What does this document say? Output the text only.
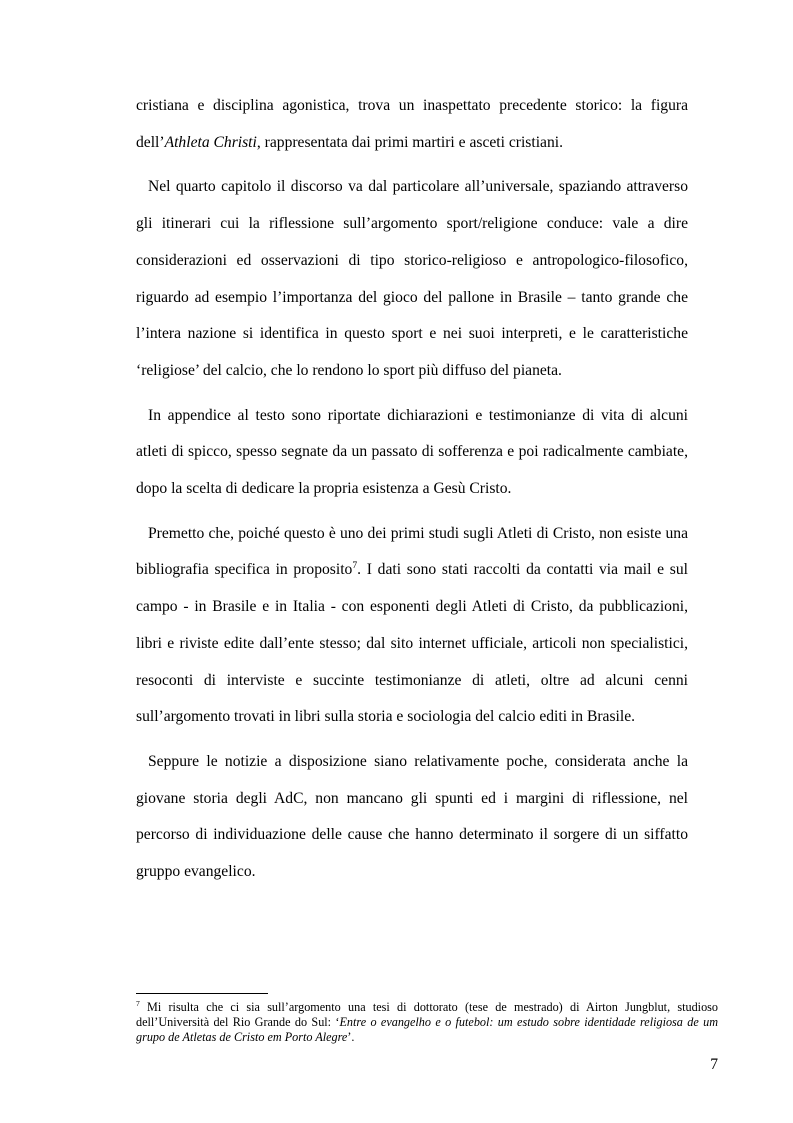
cristiana e disciplina agonistica, trova un inaspettato precedente storico: la figura dell’Athleta Christi, rappresentata dai primi martiri e asceti cristiani.

Nel quarto capitolo il discorso va dal particolare all’universale, spaziando attraverso gli itinerari cui la riflessione sull’argomento sport/religione conduce: vale a dire considerazioni ed osservazioni di tipo storico-religioso e antropologico-filosofico, riguardo ad esempio l’importanza del gioco del pallone in Brasile – tanto grande che l’intera nazione si identifica in questo sport e nei suoi interpreti, e le caratteristiche ‘religiose’ del calcio, che lo rendono lo sport più diffuso del pianeta.

In appendice al testo sono riportate dichiarazioni e testimonianze di vita di alcuni atleti di spicco, spesso segnate da un passato di sofferenza e poi radicalmente cambiate, dopo la scelta di dedicare la propria esistenza a Gesù Cristo.

Premetto che, poiché questo è uno dei primi studi sugli Atleti di Cristo, non esiste una bibliografia specifica in proposito$^7$. I dati sono stati raccolti da contatti via mail e sul campo - in Brasile e in Italia - con esponenti degli Atleti di Cristo, da pubblicazioni, libri e riviste edite dall’ente stesso; dal sito internet ufficiale, articoli non specialistici, resoconti di interviste e succinte testimonianze di atleti, oltre ad alcuni cenni sull’argomento trovati in libri sulla storia e sociologia del calcio editi in Brasile.

Seppure le notizie a disposizione siano relativamente poche, considerata anche la giovane storia degli AdC, non mancano gli spunti ed i margini di riflessione, nel percorso di individuazione delle cause che hanno determinato il sorgere di un siffatto gruppo evangelico.

$^7$ Mi risulta che ci sia sull’argomento una tesi di dottorato (tese de mestrado) di Airton Jungblut, studioso dell’Università del Rio Grande do Sul: ‘Entre o evangelho e o futebol: um estudo sobre identidade religiosa de um grupo de Atletas de Cristo em Porto Alegre’.
7
